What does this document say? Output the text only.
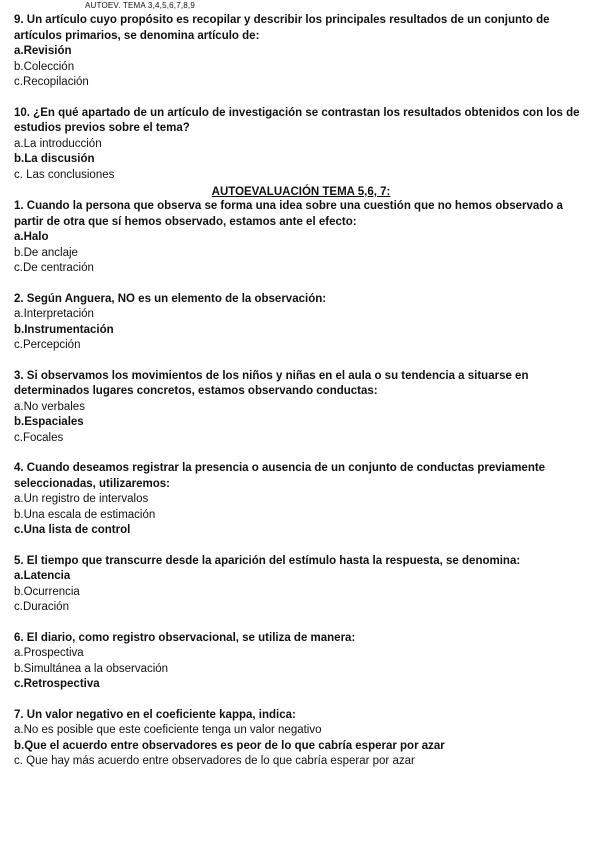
AUTOEV. TEMA 3,4,5,6,7,8,9
9. Un artículo cuyo propósito es recopilar y describir los principales resultados de un conjunto de artículos primarios, se denomina artículo de:
a.Revisión
b.Colección
c.Recopilación
10. ¿En qué apartado de un artículo de investigación se contrastan los resultados obtenidos con los de estudios previos sobre el tema?
a.La introducción
b.La discusión
c. Las conclusiones
AUTOEVALUACIÓN TEMA 5,6, 7:
1. Cuando la persona que observa se forma una idea sobre una cuestión que no hemos observado a partir de otra que sí hemos observado, estamos ante el efecto:
a.Halo
b.De anclaje
c.De centración
2. Según Anguera, NO es un elemento de la observación:
a.Interpretación
b.Instrumentación
c.Percepción
3. Si observamos los movimientos de los niños y niñas en el aula o su tendencia a situarse en determinados lugares concretos, estamos observando conductas:
a.No verbales
b.Espaciales
c.Focales
4. Cuando deseamos registrar la presencia o ausencia de un conjunto de conductas previamente seleccionadas, utilizaremos:
a.Un registro de intervalos
b.Una escala de estimación
c.Una lista de control
5. El tiempo que transcurre desde la aparición del estímulo hasta la respuesta, se denomina:
a.Latencia
b.Ocurrencia
c.Duración
6. El diario, como registro observacional, se utiliza de manera:
a.Prospectiva
b.Simultánea a la observación
c.Retrospectiva
7. Un valor negativo en el coeficiente kappa, indica:
a.No es posible que este coeficiente tenga un valor negativo
b.Que el acuerdo entre observadores es peor de lo que cabría esperar por azar
c. Que hay más acuerdo entre observadores de lo que cabría esperar por azar
